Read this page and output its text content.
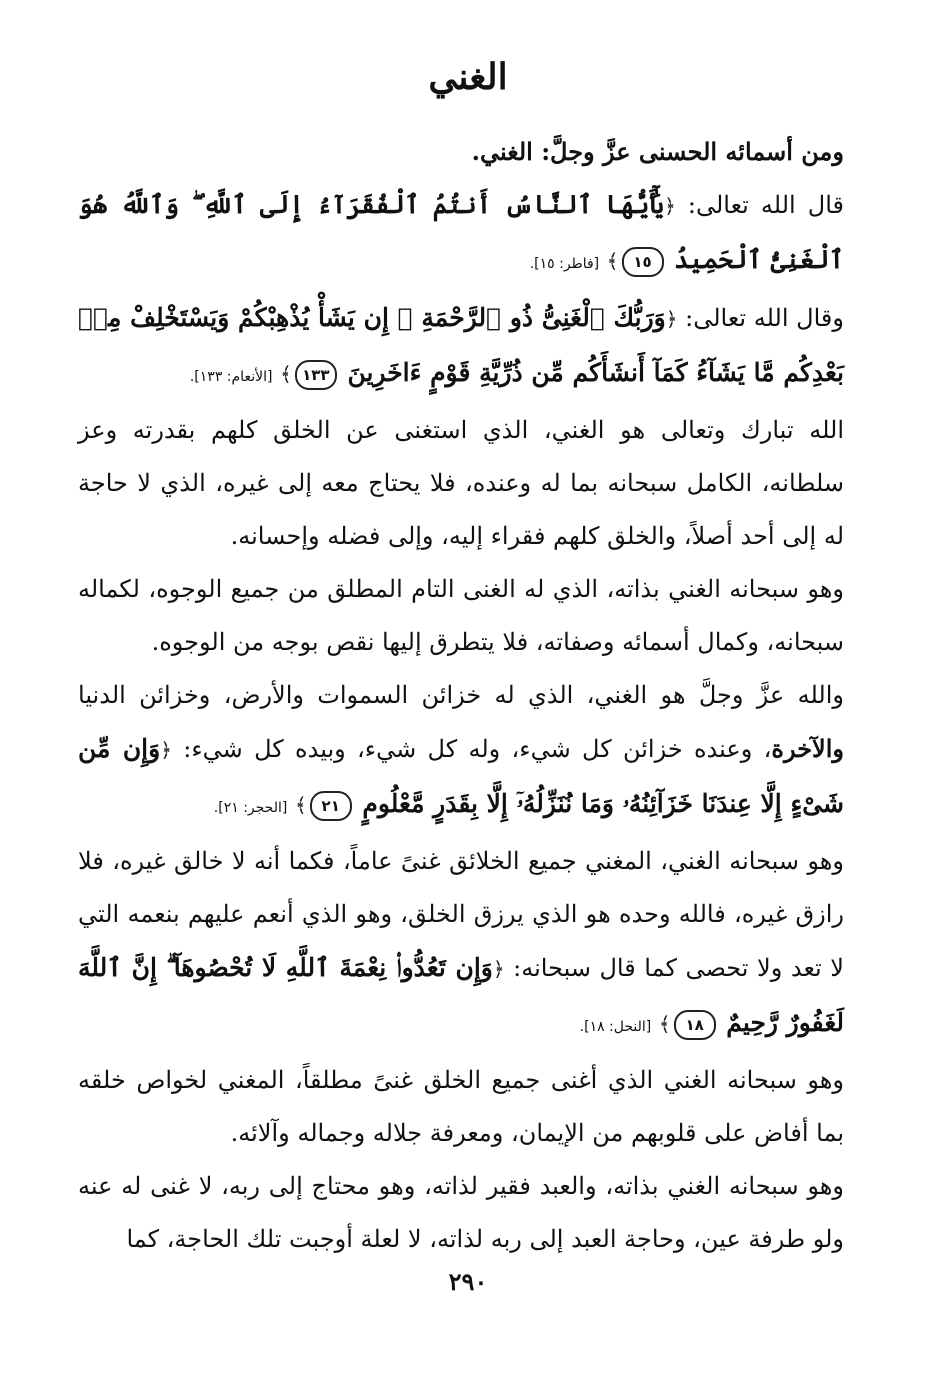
الغني

ومن أسمائه الحسنى عزَّ وجلَّ: الغني.

قال الله تعالى: ﴿يَٰٓأَيُّهَا ٱلنَّاسُ أَنتُمُ ٱلْفُقَرَآءُ إِلَى ٱللَّهِ ۖ وَٱللَّهُ هُوَ ٱلْغَنِىُّ ٱلْحَمِيدُ ١٥﴾ [فاطر: ١٥].

وقال الله تعالى: ﴿وَرَبُّكَ ٱلْغَنِىُّ ذُو ٱلرَّحْمَةِ ۚ إِن يَشَأْ يُذْهِبْكُمْ وَيَسْتَخْلِفْ مِنۢ بَعْدِكُم مَّا يَشَآءُ كَمَآ أَنشَأَكُم مِّن ذُرِّيَّةِ قَوْمٍ ءَاخَرِينَ ١٣٣﴾ [الأنعام: ١٣٣].

الله تبارك وتعالى هو الغني، الذي استغنى عن الخلق كلهم بقدرته وعز سلطانه، الكامل سبحانه بما له وعنده، فلا يحتاج معه إلى غيره، الذي لا حاجة له إلى أحد أصلاً، والخلق كلهم فقراء إليه، وإلى فضله وإحسانه.

وهو سبحانه الغني بذاته، الذي له الغنى التام المطلق من جميع الوجوه، لكماله سبحانه، وكمال أسمائه وصفاته، فلا يتطرق إليها نقص بوجه من الوجوه.

والله عزَّ وجلَّ هو الغني، الذي له خزائن السموات والأرض، وخزائن الدنيا والآخرة، وعنده خزائن كل شيء، وله كل شيء، وبيده كل شيء: ﴿وَإِن مِّن شَىْءٍ إِلَّا عِندَنَا خَزَآئِنُهُۥ وَمَا نُنَزِّلُهُۥٓ إِلَّا بِقَدَرٍ مَّعْلُومٍ ٢١﴾ [الحجر: ٢١].

وهو سبحانه الغني، المغني جميع الخلائق غنىً عاماً، فكما أنه لا خالق غيره، فلا رازق غيره، فالله وحده هو الذي يرزق الخلق، وهو الذي أنعم عليهم بنعمه التي لا تعد ولا تحصى كما قال سبحانه: ﴿وَإِن تَعُدُّوا۟ نِعْمَةَ ٱللَّهِ لَا تُحْصُوهَآ ۗ إِنَّ ٱللَّهَ لَغَفُورٌ رَّحِيمٌ ١٨﴾ [النحل: ١٨].

وهو سبحانه الغني الذي أغنى جميع الخلق غنىً مطلقاً، المغني لخواص خلقه بما أفاض على قلوبهم من الإيمان، ومعرفة جلاله وجماله وآلائه.

وهو سبحانه الغني بذاته، والعبد فقير لذاته، وهو محتاج إلى ربه، لا غنى له عنه ولو طرفة عين، وحاجة العبد إلى ربه لذاته، لا لعلة أوجبت تلك الحاجة، كما

٢٩٠
